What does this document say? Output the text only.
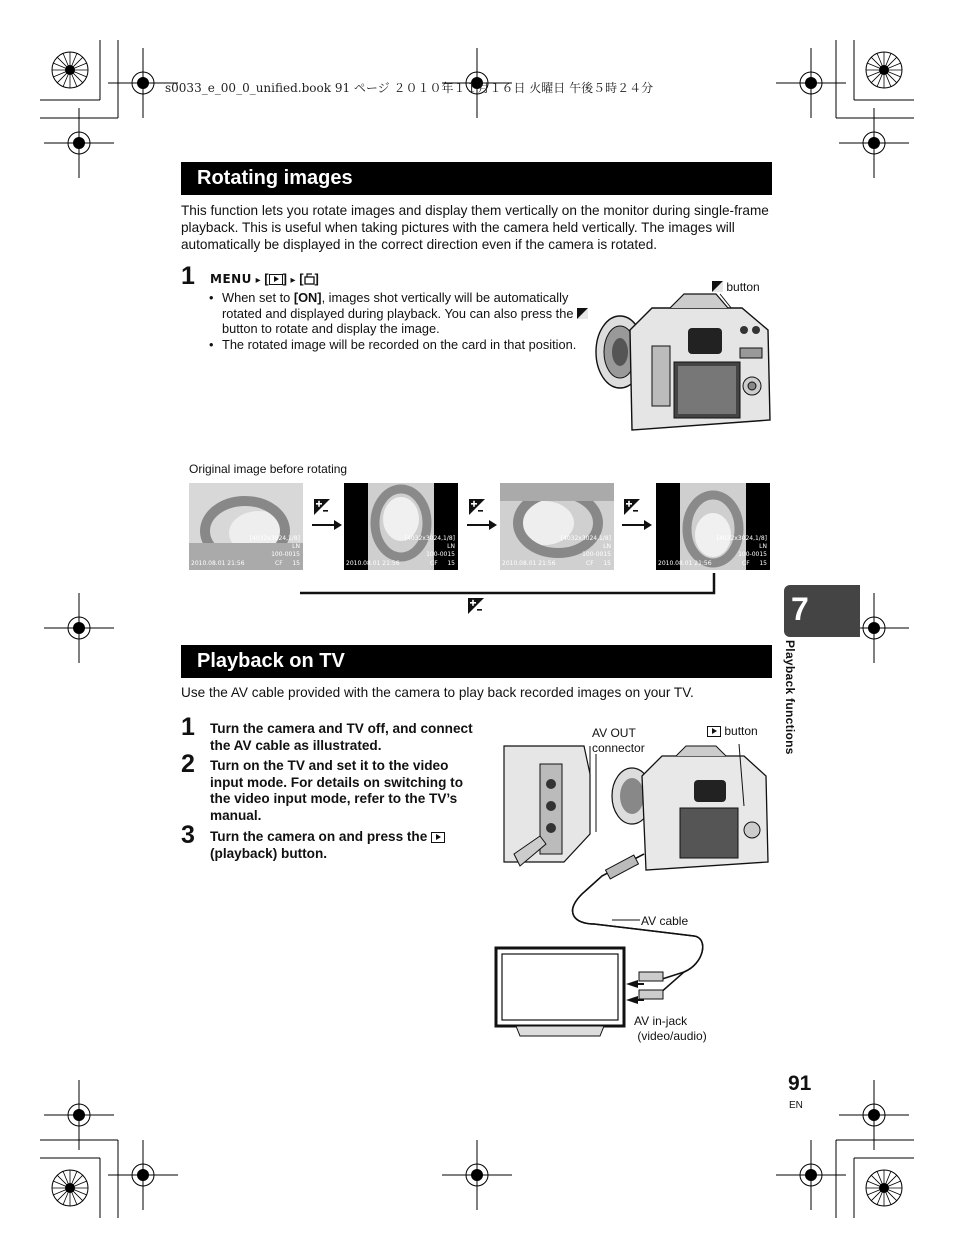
s0033_e_00_0_unified.book 91 ページ ２０１０年１１月１６日 火曜日 午後５時２４分
Rotating images
This function lets you rotate images and display them vertically on the monitor during single-frame playback. This is useful when taking pictures with the camera held vertically. The images will automatically be displayed in the correct direction even if the camera is rotated.
1 MENU ▸ [ ] ▸ [ ]
• When set to [ON], images shot vertically will be automatically rotated and displayed during playback. You can also press the  button to rotate and display the image.
• The rotated image will be recorded on the card in that position.
button
Original image before rotating
[4032x3024,1/8]
LN
100-0015
2010.08.01 21:56	CF 15
[4032x3024,1/8]
LN
100-0015
2010.08.01 21:56	CF 15
[4032x3024,1/8]
LN
100-0015
2010.08.01 21:56	CF 15
[4032x3024,1/8]
LN
100-0015
2010.08.01 21:56	CF 15
Playback on TV
Use the AV cable provided with the camera to play back recorded images on your TV.
1 Turn the camera and TV off, and connect the AV cable as illustrated.
2 Turn on the TV and set it to the video input mode. For details on switching to the video input mode, refer to the TV’s manual.
3 Turn the camera on and press the
(playback) button.
AV OUT
connector
button
AV cable
AV in-jack
(video/audio)
7
Playback functions
91
EN
